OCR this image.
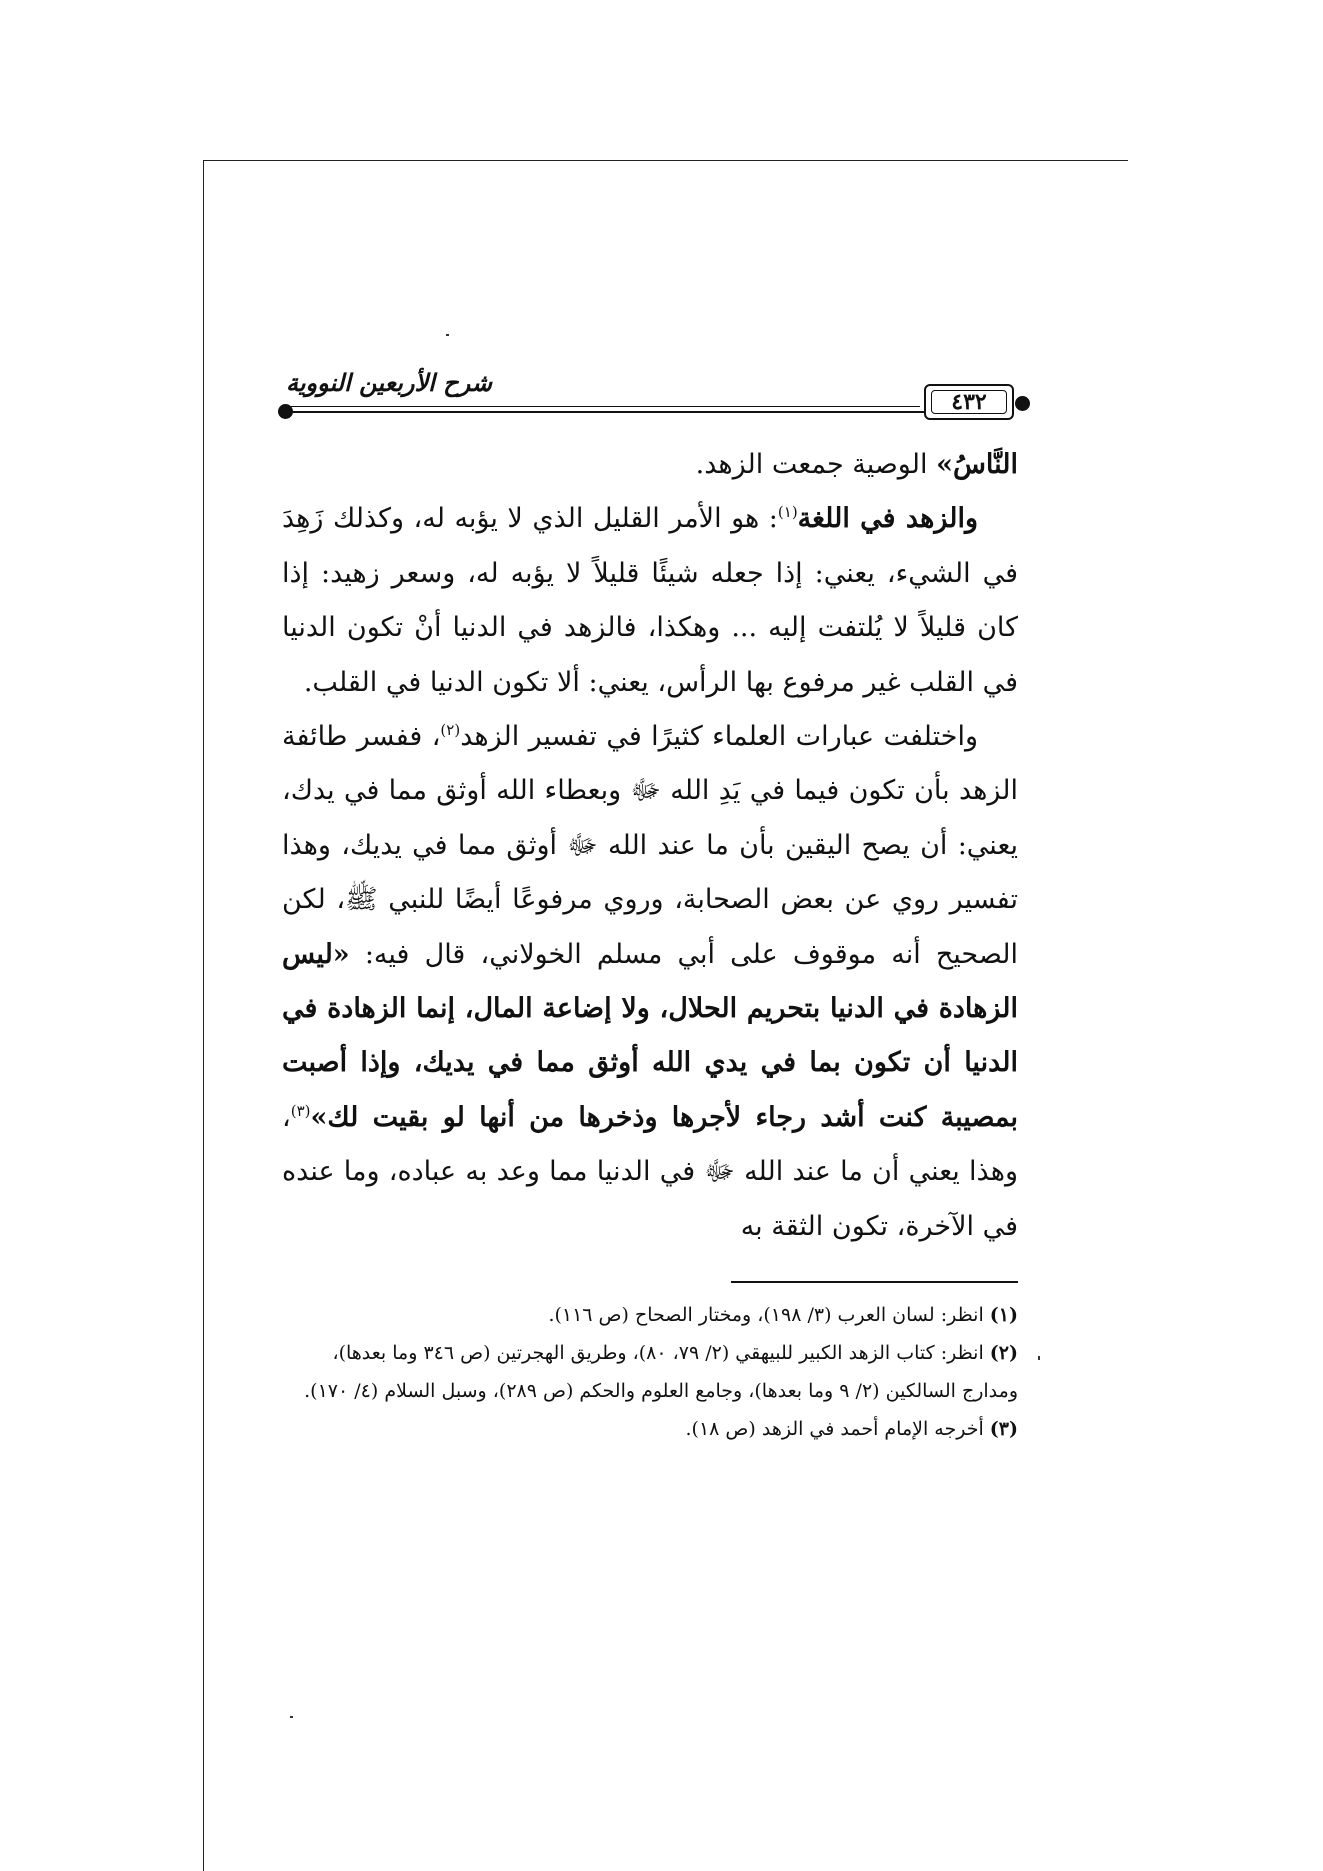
شرح الأربعين النووية
٤٣٢

النَّاسُ» الوصية جمعت الزهد.

والزهد في اللغة$^{(١)}$: هو الأمر القليل الذي لا يؤبه له، وكذلك زَهِدَ في الشيء، يعني: إذا جعله شيئًا قليلاً لا يؤبه له، وسعر زهيد: إذا كان قليلاً لا يُلتفت إليه ... وهكذا، فالزهد في الدنيا أنْ تكون الدنيا في القلب غير مرفوع بها الرأس، يعني: ألا تكون الدنيا في القلب.

واختلفت عبارات العلماء كثيرًا في تفسير الزهد$^{(٢)}$، ففسر طائفة الزهد بأن تكون فيما في يَدِ الله ﷻ وبعطاء الله أوثق مما في يدك، يعني: أن يصح اليقين بأن ما عند الله ﷻ أوثق مما في يديك، وهذا تفسير روي عن بعض الصحابة، وروي مرفوعًا أيضًا للنبي ﷺ، لكن الصحيح أنه موقوف على أبي مسلم الخولاني، قال فيه: «ليس الزهادة في الدنيا بتحريم الحلال، ولا إضاعة المال، إنما الزهادة في الدنيا أن تكون بما في يدي الله أوثق مما في يديك، وإذا أصبت بمصيبة كنت أشد رجاء لأجرها وذخرها من أنها لو بقيت لك»$^{(٣)}$، وهذا يعني أن ما عند الله ﷻ في الدنيا مما وعد به عباده، وما عنده في الآخرة، تكون الثقة به

(١) انظر: لسان العرب (٣/ ١٩٨)، ومختار الصحاح (ص ١١٦).

(٢) انظر: كتاب الزهد الكبير للبيهقي (٢/ ٧٩، ٨٠)، وطريق الهجرتين (ص ٣٤٦ وما بعدها)، ومدارج السالكين (٢/ ٩ وما بعدها)، وجامع العلوم والحكم (ص ٢٨٩)، وسبل السلام (٤/ ١٧٠).

(٣) أخرجه الإمام أحمد في الزهد (ص ١٨).
